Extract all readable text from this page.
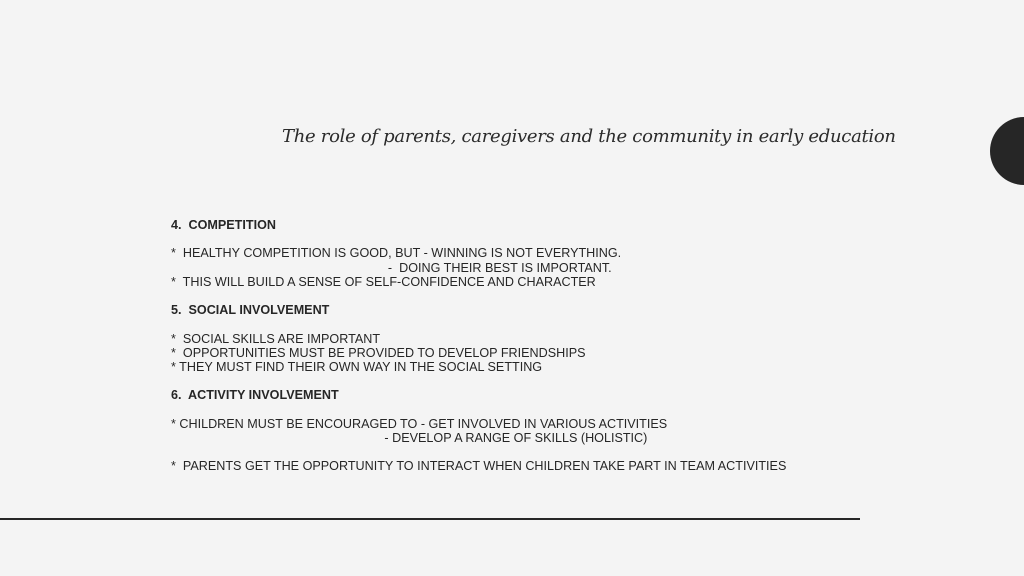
The role of parents, caregivers and the community in early education
4.  COMPETITION
*  HEALTHY COMPETITION IS GOOD, BUT - WINNING IS NOT EVERYTHING.
-  DOING THEIR BEST IS IMPORTANT.
*  THIS WILL BUILD A SENSE OF SELF-CONFIDENCE AND CHARACTER
5.  SOCIAL INVOLVEMENT
*  SOCIAL SKILLS ARE IMPORTANT
*  OPPORTUNITIES MUST BE PROVIDED TO DEVELOP FRIENDSHIPS
* THEY MUST FIND THEIR OWN WAY IN THE SOCIAL SETTING
6.  ACTIVITY INVOLVEMENT
* CHILDREN MUST BE ENCOURAGED TO - GET INVOLVED IN VARIOUS ACTIVITIES
- DEVELOP A RANGE OF SKILLS (HOLISTIC)
*  PARENTS GET THE OPPORTUNITY TO INTERACT WHEN CHILDREN TAKE PART IN TEAM ACTIVITIES
